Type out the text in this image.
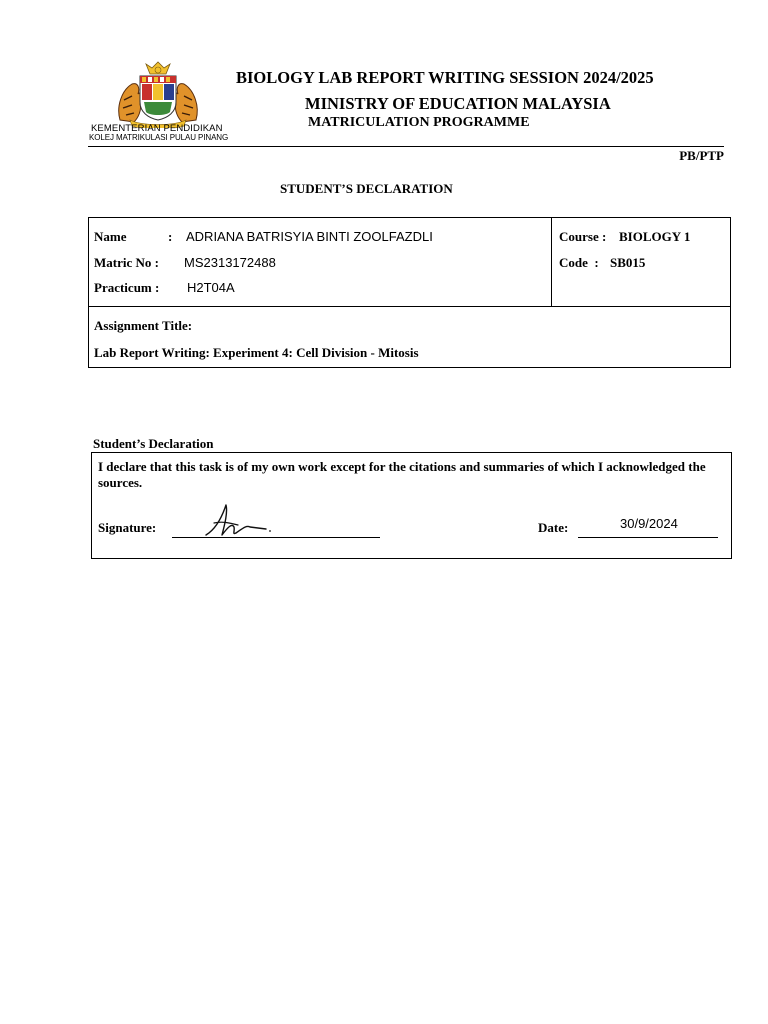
KEMENTERIAN PENDIDIKAN
KOLEJ MATRIKULASI PULAU PINANG
BIOLOGY LAB REPORT WRITING SESSION 2024/2025
MINISTRY OF EDUCATION MALAYSIA
MATRICULATION PROGRAMME
PB/PTP
STUDENT’S DECLARATION
Name	: ADRIANA BATRISYIA BINTI ZOOLFAZDLI
Matric No : MS2313172488
Practicum : H2T04A
Course : BIOLOGY 1
Code  : SB015
Assignment Title:
Lab Report Writing: Experiment 4: Cell Division - Mitosis
Student’s Declaration
I declare that this task is of my own work except for the citations and summaries of which I acknowledged the sources.
Signature:	Date:	30/9/2024
